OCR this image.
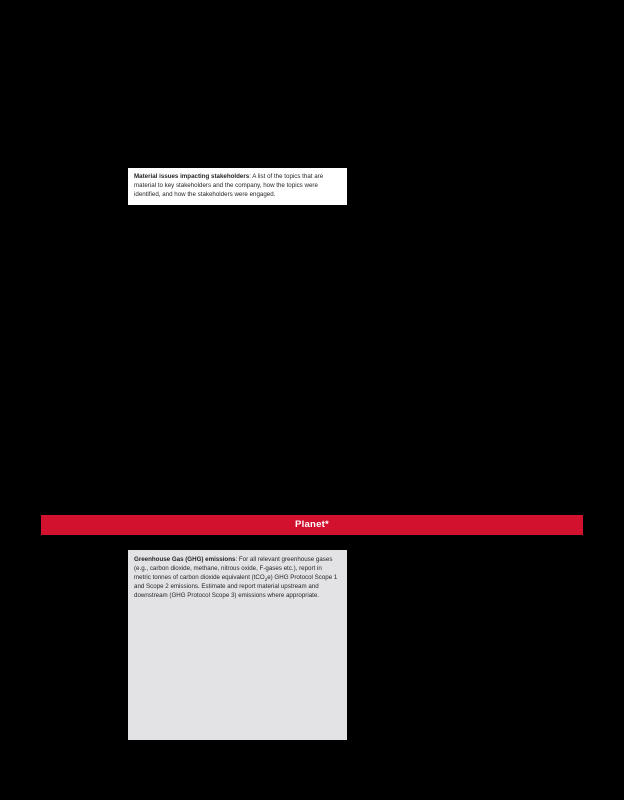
Material issues impacting stakeholders: A list of the topics that are material to key stakeholders and the company, how the topics were identified, and how the stakeholders were engaged.
Planet*
Greenhouse Gas (GHG) emissions: For all relevant greenhouse gases (e.g., carbon dioxide, methane, nitrous oxide, F-gases etc.), report in metric tonnes of carbon dioxide equivalent (tCO$_2$e) GHG Protocol Scope 1 and Scope 2 emissions. Estimate and report material upstream and downstream (GHG Protocol Scope 3) emissions where appropriate.
